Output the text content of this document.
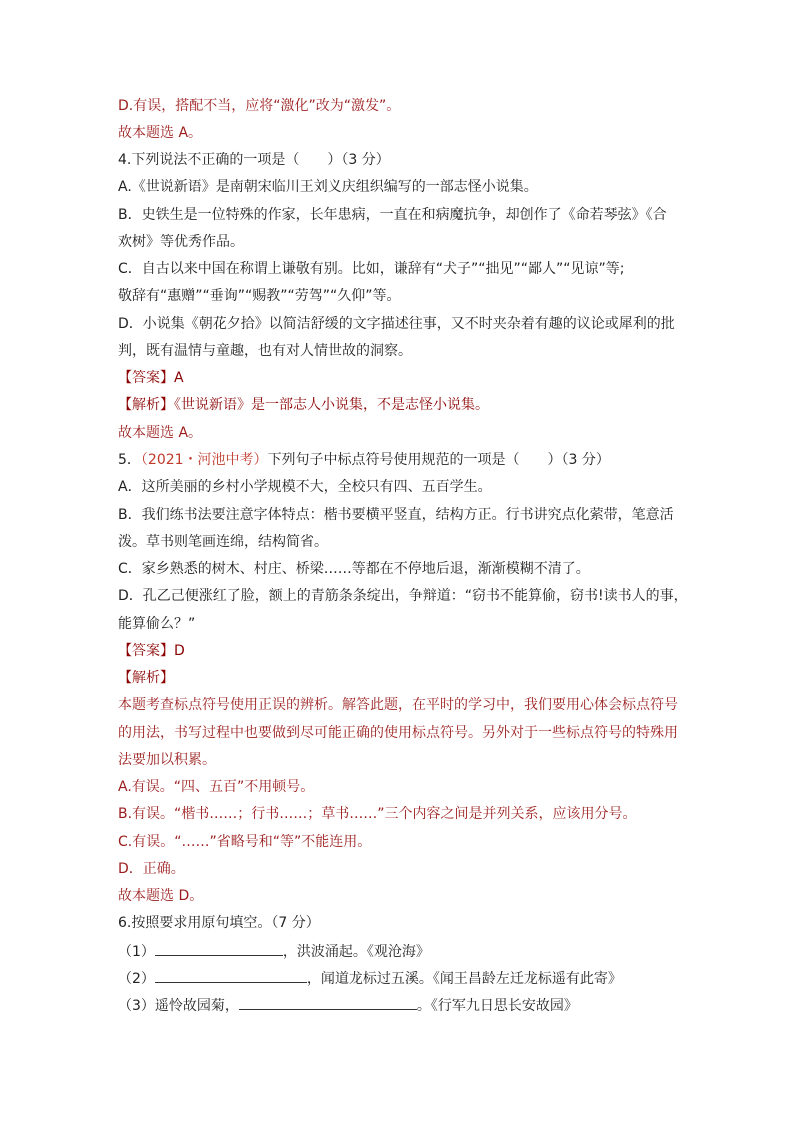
D.有误，搭配不当，应将“激化”改为“激发”。
故本题选 A。
4.下列说法不正确的一项是（　　）（3 分）
A.《世说新语》是南朝宋临川王刘义庆组织编写的一部志怪小说集。
B．史铁生是一位特殊的作家，长年患病，一直在和病魔抗争，却创作了《命若琴弦》《合
欢树》等优秀作品。
C．自古以来中国在称谓上谦敬有别。比如，谦辞有“犬子”“拙见”“鄙人”“见谅”等;
敬辞有“惠赠”“垂询”“赐教”“劳驾”“久仰”等。
D．小说集《朝花夕拾》以简洁舒缓的文字描述往事，又不时夹杂着有趣的议论或犀利的批
判，既有温情与童趣，也有对人情世故的洞察。
【答案】A
【解析】《世说新语》是一部志人小说集，不是志怪小说集。
故本题选 A。
5．（2021・河池中考）下列句子中标点符号使用规范的一项是（　　）（3 分）
A．这所美丽的乡村小学规模不大，全校只有四、五百学生。
B．我们练书法要注意字体特点：楷书要横平竖直，结构方正。行书讲究点化萦带，笔意活
泼。草书则笔画连绵，结构简省。
C．家乡熟悉的树木、村庄、桥梁……等都在不停地后退，渐渐模糊不清了。
D．孔乙己便涨红了脸，额上的青筋条条绽出，争辩道：“窃书不能算偷，窃书!读书人的事，
能算偷么？”
【答案】D
【解析】
本题考查标点符号使用正误的辨析。解答此题，在平时的学习中，我们要用心体会标点符号
的用法，书写过程中也要做到尽可能正确的使用标点符号。另外对于一些标点符号的特殊用
法要加以积累。
A.有误。“四、五百”不用顿号。
B.有误。“楷书……；行书……；草书……”三个内容之间是并列关系，应该用分号。
C.有误。“……”省略号和“等”不能连用。
D．正确。
故本题选 D。
6.按照要求用原句填空。（7 分）
（1）	，洪波涌起。《观沧海》
（2）	，闻道龙标过五溪。《闻王昌龄左迁龙标遥有此寄》
（3）遥怜故园菊，	。《行军九日思长安故园》
